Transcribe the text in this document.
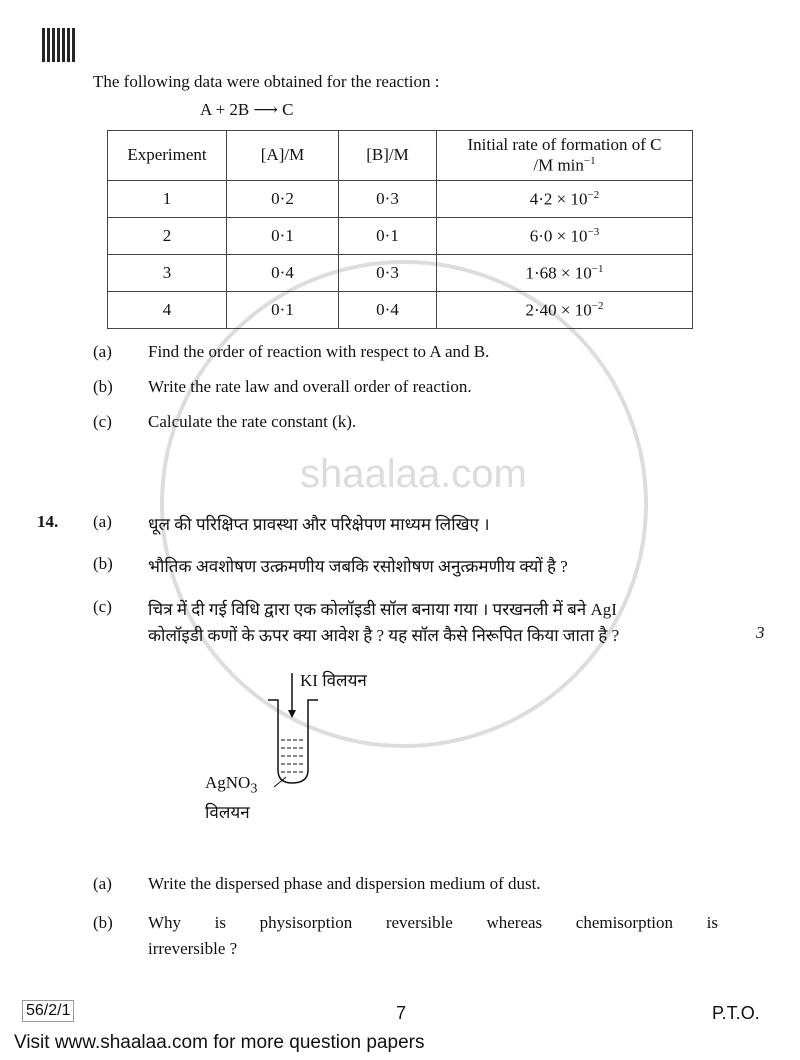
shaalaa.com
The following data were obtained for the reaction :
A + 2B ⟶ C
Experiment	[A]/M	[B]/M	Initial rate of formation of C
/M $\min^{-1}$
1	0·2	0·3	$4\cdot 2 \times 10^{-2}$
2	0·1	0·1	$6\cdot 0 \times 10^{-3}$
3	0·4	0·3	$1\cdot 68 \times 10^{-1}$
4	0·1	0·4	$2\cdot 40 \times 10^{-2}$
(a) Find the order of reaction with respect to A and B.
(b) Write the rate law and overall order of reaction.
(c) Calculate the rate constant (k).
14. (a) धूल की परिक्षिप्त प्रावस्था और परिक्षेपण माध्यम लिखिए ।
(b) भौतिक अवशोषण उत्क्रमणीय जबकि रसोशोषण अनुत्क्रमणीय क्यों है ?
(c) चित्र में दी गई विधि द्वारा एक कोलॉइडी सॉल बनाया गया । परखनली में बने AgI
कोलॉइडी कणों के ऊपर क्या आवेश है ? यह सॉल कैसे निरूपित किया जाता है ?	3
KI विलयन
AgNO$_3$
विलयन
(a) Write the dispersed phase and dispersion medium of dust.
(b) Why is physisorption reversible whereas chemisorption is
irreversible ?
56/2/1	7	P.T.O.
Visit www.shaalaa.com for more question papers
